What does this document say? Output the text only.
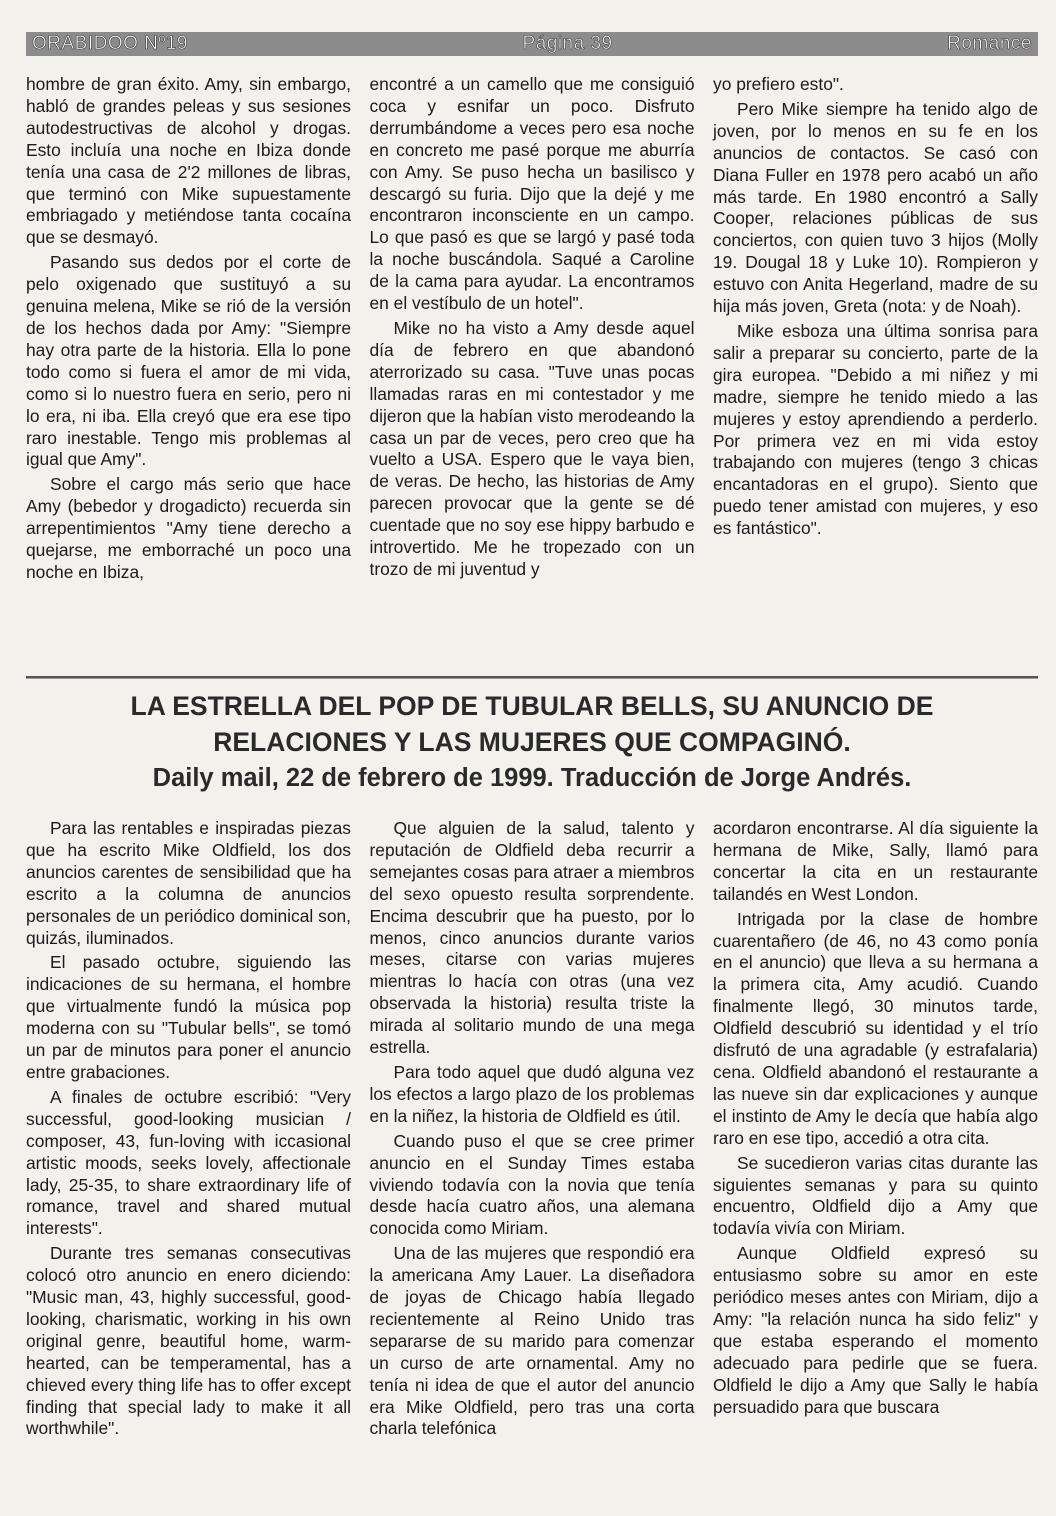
ORABIDOO Nº19	Página 39	Romance

hombre de gran éxito. Amy, sin embargo, habló de grandes peleas y sus sesiones autodestructivas de alcohol y drogas. Esto incluía una noche en Ibiza donde tenía una casa de 2'2 millones de libras, que terminó con Mike supuestamente embriagado y metiéndose tanta cocaína que se desmayó.

Pasando sus dedos por el corte de pelo oxigenado que sustituyó a su genuina melena, Mike se rió de la versión de los hechos dada por Amy: "Siempre hay otra parte de la historia. Ella lo pone todo como si fuera el amor de mi vida, como si lo nuestro fuera en serio, pero ni lo era, ni iba. Ella creyó que era ese tipo raro inestable. Tengo mis problemas al igual que Amy".

Sobre el cargo más serio que hace Amy (bebedor y drogadicto) recuerda sin arrepentimientos "Amy tiene derecho a quejarse, me emborraché un poco una noche en Ibiza,

encontré a un camello que me consiguió coca y esnifar un poco. Disfruto derrumbándome a veces pero esa noche en concreto me pasé porque me aburría con Amy. Se puso hecha un basilisco y descargó su furia. Dijo que la dejé y me encontraron inconsciente en un campo. Lo que pasó es que se largó y pasé toda la noche buscándola. Saqué a Caroline de la cama para ayudar. La encontramos en el vestíbulo de un hotel".

Mike no ha visto a Amy desde aquel día de febrero en que abandonó aterrorizado su casa. "Tuve unas pocas llamadas raras en mi contestador y me dijeron que la habían visto merodeando la casa un par de veces, pero creo que ha vuelto a USA. Espero que le vaya bien, de veras. De hecho, las historias de Amy parecen provocar que la gente se dé cuentade que no soy ese hippy barbudo e introvertido. Me he tropezado con un trozo de mi juventud y

yo prefiero esto".

Pero Mike siempre ha tenido algo de joven, por lo menos en su fe en los anuncios de contactos. Se casó con Diana Fuller en 1978 pero acabó un año más tarde. En 1980 encontró a Sally Cooper, relaciones públicas de sus conciertos, con quien tuvo 3 hijos (Molly 19. Dougal 18 y Luke 10). Rompieron y estuvo con Anita Hegerland, madre de su hija más joven, Greta (nota: y de Noah).

Mike esboza una última sonrisa para salir a preparar su concierto, parte de la gira europea. "Debido a mi niñez y mi madre, siempre he tenido miedo a las mujeres y estoy aprendiendo a perderlo. Por primera vez en mi vida estoy trabajando con mujeres (tengo 3 chicas encantadoras en el grupo). Siento que puedo tener amistad con mujeres, y eso es fantástico".

LA ESTRELLA DEL POP DE TUBULAR BELLS, SU ANUNCIO DE
RELACIONES Y LAS MUJERES QUE COMPAGINÓ.
Daily mail, 22 de febrero de 1999. Traducción de Jorge Andrés.

Para las rentables e inspiradas piezas que ha escrito Mike Oldfield, los dos anuncios carentes de sensibilidad que ha escrito a la columna de anuncios personales de un periódico dominical son, quizás, iluminados.

El pasado octubre, siguiendo las indicaciones de su hermana, el hombre que virtualmente fundó la música pop moderna con su "Tubular bells", se tomó un par de minutos para poner el anuncio entre grabaciones.

A finales de octubre escribió: "Very successful, good-looking musician / composer, 43, fun-loving with iccasional artistic moods, seeks lovely, affectionale lady, 25-35, to share extraordinary life of romance, travel and shared mutual interests".

Durante tres semanas consecutivas colocó otro anuncio en enero diciendo: "Music man, 43, highly successful, good-looking, charismatic, working in his own original genre, beautiful home, warm-hearted, can be temperamental, has a chieved every thing life has to offer except finding that special lady to make it all worthwhile".

Que alguien de la salud, talento y reputación de Oldfield deba recurrir a semejantes cosas para atraer a miembros del sexo opuesto resulta sorprendente. Encima descubrir que ha puesto, por lo menos, cinco anuncios durante varios meses, citarse con varias mujeres mientras lo hacía con otras (una vez observada la historia) resulta triste la mirada al solitario mundo de una mega estrella.

Para todo aquel que dudó alguna vez los efectos a largo plazo de los problemas en la niñez, la historia de Oldfield es útil.

Cuando puso el que se cree primer anuncio en el Sunday Times estaba viviendo todavía con la novia que tenía desde hacía cuatro años, una alemana conocida como Miriam.

Una de las mujeres que respondió era la americana Amy Lauer. La diseñadora de joyas de Chicago había llegado recientemente al Reino Unido tras separarse de su marido para comenzar un curso de arte ornamental. Amy no tenía ni idea de que el autor del anuncio era Mike Oldfield, pero tras una corta charla telefónica

acordaron encontrarse. Al día siguiente la hermana de Mike, Sally, llamó para concertar la cita en un restaurante tailandés en West London.

Intrigada por la clase de hombre cuarentañero (de 46, no 43 como ponía en el anuncio) que lleva a su hermana a la primera cita, Amy acudió. Cuando finalmente llegó, 30 minutos tarde, Oldfield descubrió su identidad y el trío disfrutó de una agradable (y estrafalaria) cena. Oldfield abandonó el restaurante a las nueve sin dar explicaciones y aunque el instinto de Amy le decía que había algo raro en ese tipo, accedió a otra cita.

Se sucedieron varias citas durante las siguientes semanas y para su quinto encuentro, Oldfield dijo a Amy que todavía vivía con Miriam.

Aunque Oldfield expresó su entusiasmo sobre su amor en este periódico meses antes con Miriam, dijo a Amy: "la relación nunca ha sido feliz" y que estaba esperando el momento adecuado para pedirle que se fuera. Oldfield le dijo a Amy que Sally le había persuadido para que buscara
